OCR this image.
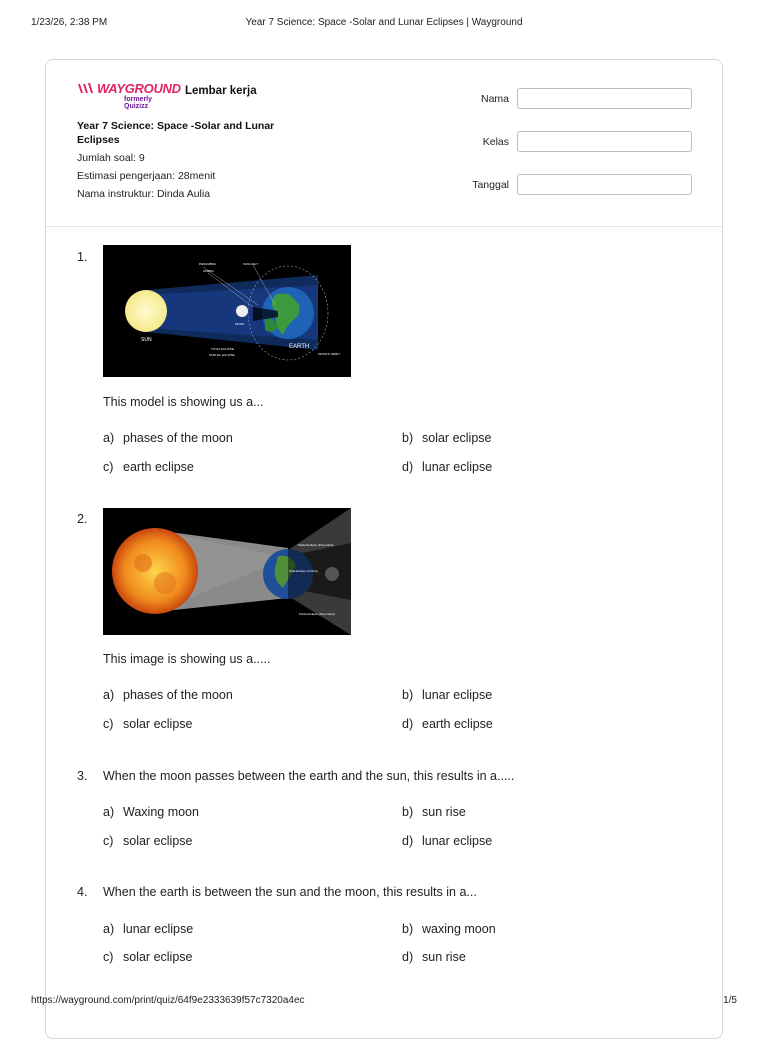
1/23/26, 2:38 PM	Year 7 Science: Space -Solar and Lunar Eclipses | Wayground
WAYGROUND
formerly Quizizz
Lembar kerja
Year 7 Science: Space -Solar and Lunar Eclipses
Jumlah soal: 9
Estimasi pengerjaan: 28menit
Nama instruktur: Dinda Aulia
Nama
Kelas
Tanggal
1.
SUN
EARTH
MOON
PENUMBRA
UMBRA
TOTAL ECLIPSE
PARTIAL ECLIPSE	MOON'S ORBIT
SUNLIGHT
This model is showing us a...
a) phases of the moon	b) solar eclipse
c) earth eclipse	d) lunar eclipse
2.
Partial Eclipse (Penumbra)
Total Eclipse (Umbra)
Partial Eclipse (Penumbra)
This image is showing us a.....
a) phases of the moon	b) lunar eclipse
c) solar eclipse	d) earth eclipse
3. When the moon passes between the earth and the sun, this results in a.....
a) Waxing moon	b) sun rise
c) solar eclipse	d) lunar eclipse
4. When the earth is between the sun and the moon, this results in a...
a) lunar eclipse	b) waxing moon
c) solar eclipse	d) sun rise
https://wayground.com/print/quiz/64f9e2333639f57c7320a4ec	1/5
